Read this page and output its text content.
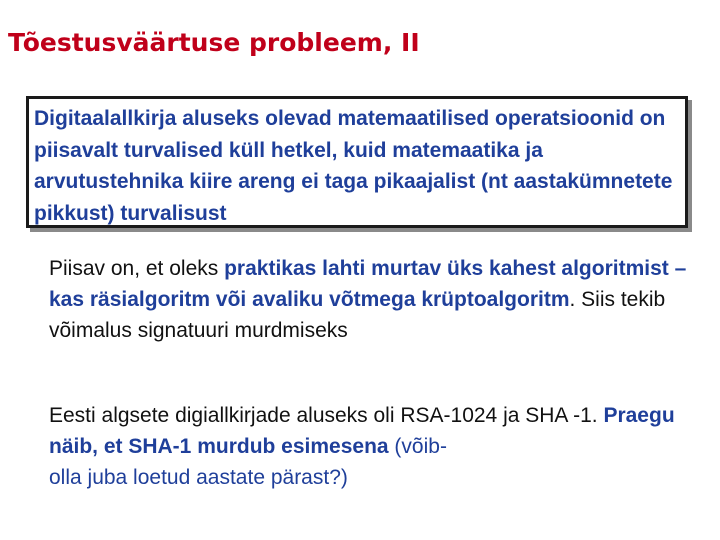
Tõestusväärtuse probleem, II

Digitaalallkirja aluseks olevad matemaatilised operatsioonid on piisavalt turvalised küll hetkel, kuid matemaatika ja arvutustehnika kiire areng ei taga pikaajalist (nt aastakümnetete pikkust) turvalisust

Piisav on, et oleks praktikas lahti murtav üks kahest algoritmist – kas räsialgoritm või avaliku võtmega krüptoalgoritm. Siis tekib võimalus signatuuri murdmiseks

Eesti algsete digiallkirjade aluseks oli RSA-1024 ja SHA -1. Praegu näib, et SHA-1 murdub esimesena (võib-
olla juba loetud aastate pärast?)
